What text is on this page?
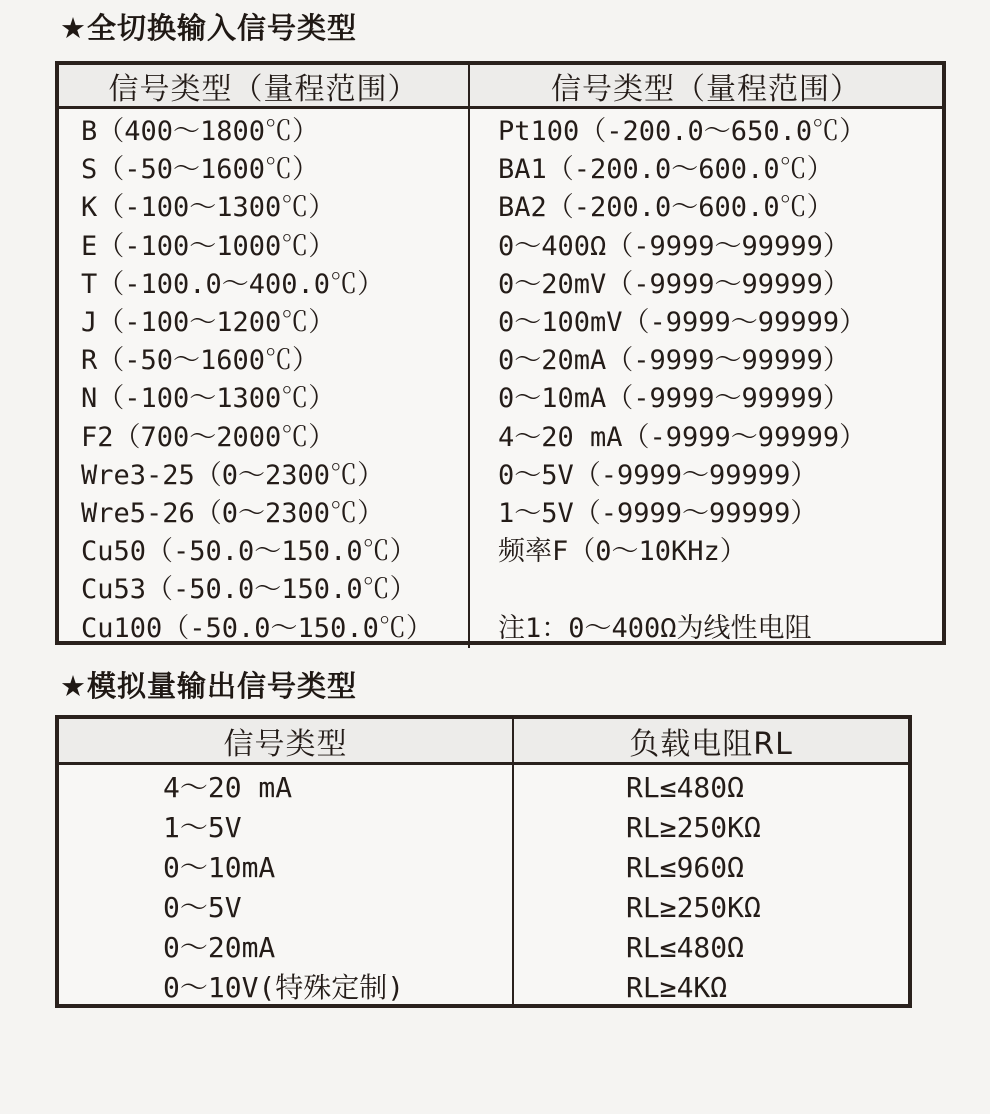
★全切换输入信号类型
信号类型（量程范围）	信号类型（量程范围）
B（400～1800℃）
S（-50～1600℃）
K（-100～1300℃）
E（-100～1000℃）
T（-100.0～400.0℃）
J（-100～1200℃）
R（-50～1600℃）
N（-100～1300℃）
F2（700～2000℃）
Wre3-25（0～2300℃）
Wre5-26（0～2300℃）
Cu50（-50.0～150.0℃）
Cu53（-50.0～150.0℃）
Cu100（-50.0～150.0℃）
Pt100（-200.0～650.0℃）
BA1（-200.0～600.0℃）
BA2（-200.0～600.0℃）
0～400Ω（-9999～99999）
0～20mV（-9999～99999）
0～100mV（-9999～99999）
0～20mA（-9999～99999）
0～10mA（-9999～99999）
4～20 mA（-9999～99999）
0～5V（-9999～99999）
1～5V（-9999～99999）
频率F（0～10KHz）

注1：0～400Ω为线性电阻
★模拟量输出信号类型
信号类型	负载电阻RL
4～20 mA
1～5V
0～10mA
0～5V
0～20mA
0～10V(特殊定制)
RL≤480Ω
RL≥250KΩ
RL≤960Ω
RL≥250KΩ
RL≤480Ω
RL≥4KΩ
